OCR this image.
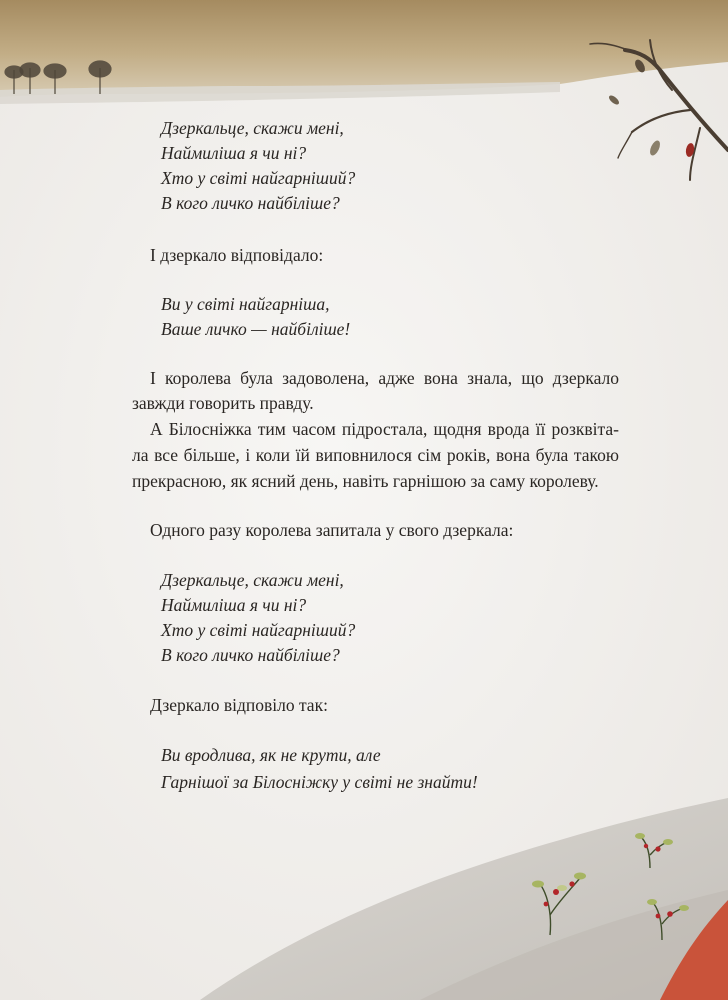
Дзеркальце, скажи мені,
Наймиліша я чи ні?
Хто у світі найгарніший?
В кого личко найбіліше?
І дзеркало відповідало:
Ви у світі найгарніша,
Ваше личко — найбіліше!
І королева була задоволена, адже вона знала, що дзеркало
завжди говорить правду.
А Білосніжка тим часом підростала, щодня врода її розквіта-
ла все більше, і коли їй виповнилося сім років, вона була такою
прекрасною, як ясний день, навіть гарнішою за саму королеву.
Одного разу королева запитала у свого дзеркала:
Дзеркальце, скажи мені,
Наймиліша я чи ні?
Хто у світі найгарніший?
В кого личко найбіліше?
Дзеркало відповіло так:
Ви вродлива, як не крути, але
Гарнішої за Білосніжку у світі не знайти!
